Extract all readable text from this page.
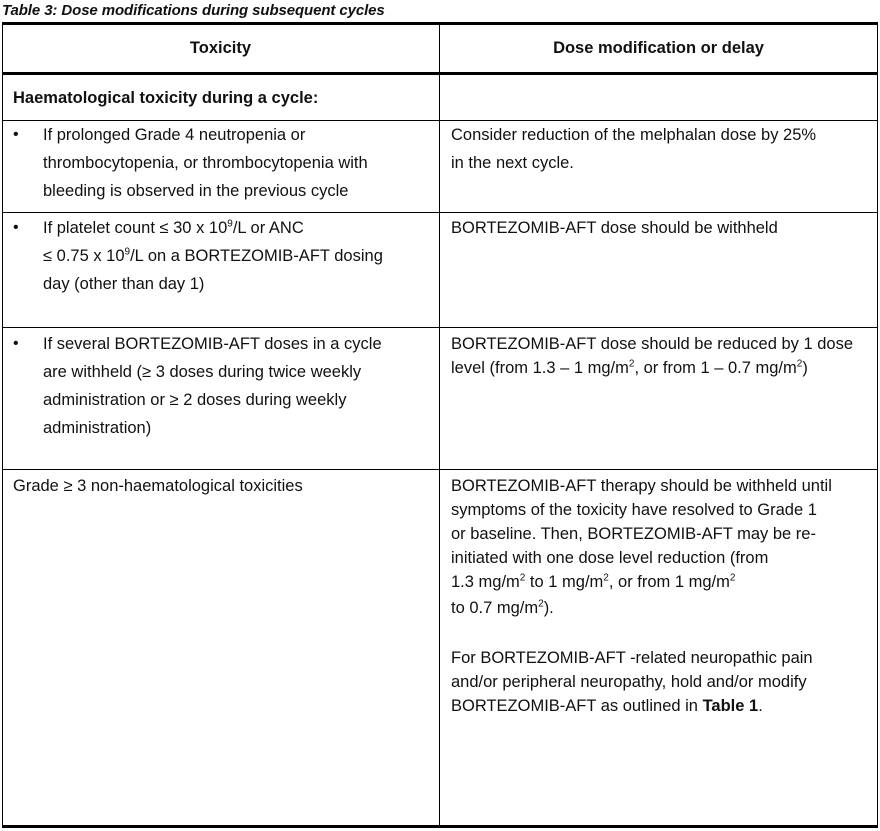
Table 3: Dose modifications during subsequent cycles
Toxicity	Dose modification or delay
Haematological toxicity during a cycle:
• If prolonged Grade 4 neutropenia or
thrombocytopenia, or thrombocytopenia with
bleeding is observed in the previous cycle
Consider reduction of the melphalan dose by 25%
in the next cycle.
• If platelet count ≤ 30 x $10^9/L$ or ANC
≤ 0.75 x $10^9/L$ on a BORTEZOMIB-AFT dosing
day (other than day 1)
BORTEZOMIB-AFT dose should be withheld
• If several BORTEZOMIB-AFT doses in a cycle
are withheld (≥ 3 doses during twice weekly
administration or ≥ 2 doses during weekly
administration)
BORTEZOMIB-AFT dose should be reduced by 1 dose
level (from 1.3 – 1 $mg/m^2$, or from 1 – 0.7 $mg/m^2$)
Grade ≥ 3 non-haematological toxicities	BORTEZOMIB-AFT therapy should be withheld until
symptoms of the toxicity have resolved to Grade 1
or baseline. Then, BORTEZOMIB-AFT may be re-
initiated with one dose level reduction (from
1.3 $mg/m^2$ to 1 $mg/m^2$, or from 1 $mg/m^2$
to 0.7 $mg/m^2$).
For BORTEZOMIB-AFT -related neuropathic pain
and/or peripheral neuropathy, hold and/or modify
BORTEZOMIB-AFT as outlined in Table 1.
